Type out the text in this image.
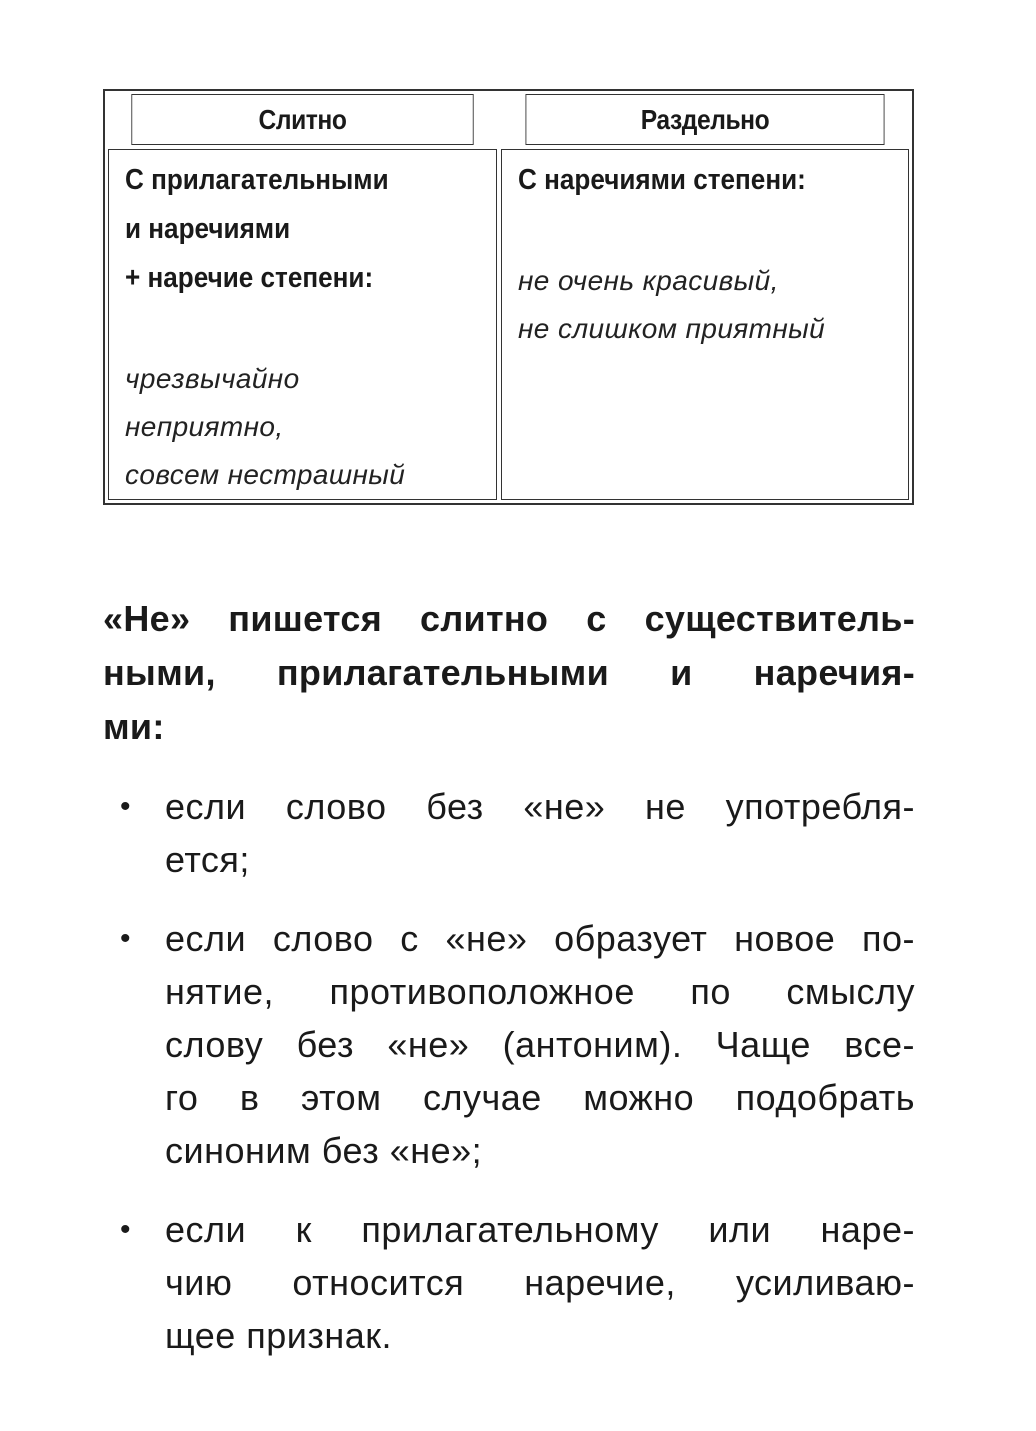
Слитно	Раздельно
С прилагательными
и наречиями
+ наречие степени:
чрезвычайно
неприятно,
совсем нестрашный
С наречиями степени:
не очень красивый,
не слишком приятный
«Не» пишется слитно с существитель-
ными, прилагательными и наречия-
ми:
• если слово без «не» не употребля-
ется;
• если слово с «не» образует новое по-
нятие, противоположное по смыслу
слову без «не» (антоним). Чаще все-
го в этом случае можно подобрать
синоним без «не»;
• если к прилагательному или наре-
чию относится наречие, усиливаю-
щее признак.
